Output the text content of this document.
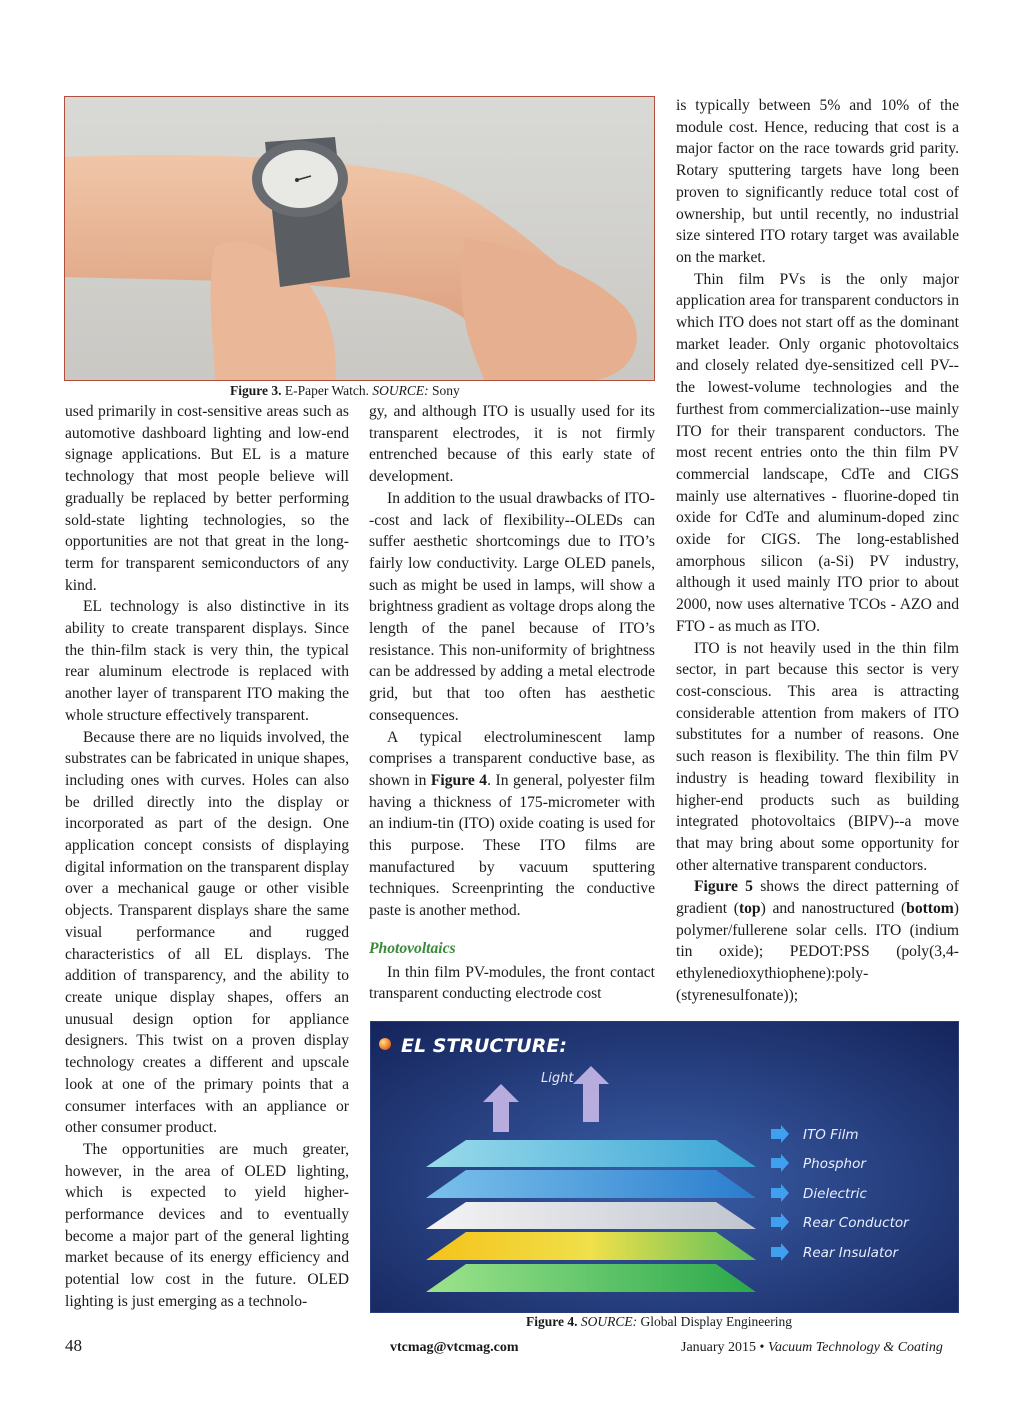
Figure 3. E-Paper Watch. SOURCE: Sony

used primarily in cost-sensitive areas such as automotive dashboard lighting and low-end signage applications. But EL is a mature technology that most people believe will gradually be replaced by better performing sold-state lighting technologies, so the opportunities are not that great in the long-term for transparent semiconductors of any kind.

EL technology is also distinctive in its ability to create transparent displays. Since the thin-film stack is very thin, the typical rear aluminum electrode is replaced with another layer of transparent ITO making the whole structure effectively transparent.

Because there are no liquids involved, the substrates can be fabricated in unique shapes, including ones with curves. Holes can also be drilled directly into the display or incorporated as part of the design. One application concept consists of displaying digital information on the transparent display over a mechanical gauge or other visible objects. Transparent displays share the same visual performance and rugged characteristics of all EL displays. The addition of transparency, and the ability to create unique display shapes, offers an unusual design option for appliance designers. This twist on a proven display technology creates a different and upscale look at one of the primary points that a consumer interfaces with an appliance or other consumer product.

The opportunities are much greater, however, in the area of OLED lighting, which is expected to yield higher-performance devices and to eventually become a major part of the general lighting market because of its energy efficiency and potential low cost in the future. OLED lighting is just emerging as a technolo-

gy, and although ITO is usually used for its transparent electrodes, it is not firmly entrenched because of this early state of development.

In addition to the usual drawbacks of ITO--cost and lack of flexibility--OLEDs can suffer aesthetic shortcomings due to ITO’s fairly low conductivity. Large OLED panels, such as might be used in lamps, will show a brightness gradient as voltage drops along the length of the panel because of ITO’s resistance. This non-uniformity of brightness can be addressed by adding a metal electrode grid, but that too often has aesthetic consequences.

A typical electroluminescent lamp comprises a transparent conductive base, as shown in Figure 4. In general, polyester film having a thickness of 175-micrometer with an indium-tin (ITO) oxide coating is used for this purpose. These ITO films are manufactured by vacuum sputtering techniques. Screenprinting the conductive paste is another method.

Photovoltaics

In thin film PV-modules, the front contact transparent conducting electrode cost

is typically between 5% and 10% of the module cost. Hence, reducing that cost is a major factor on the race towards grid parity. Rotary sputtering targets have long been proven to significantly reduce total cost of ownership, but until recently, no industrial size sintered ITO rotary target was available on the market.

Thin film PVs is the only major application area for transparent conductors in which ITO does not start off as the dominant market leader. Only organic photovoltaics and closely related dye-sensitized cell PV--the lowest-volume technologies and the furthest from commercialization--use mainly ITO for their transparent conductors. The most recent entries onto the thin film PV commercial landscape, CdTe and CIGS mainly use alternatives - fluorine-doped tin oxide for CdTe and aluminum-doped zinc oxide for CIGS. The long-established amorphous silicon (a-Si) PV industry, although it used mainly ITO prior to about 2000, now uses alternative TCOs - AZO and FTO - as much as ITO.

ITO is not heavily used in the thin film sector, in part because this sector is very cost-conscious. This area is attracting considerable attention from makers of ITO substitutes for a number of reasons. One such reason is flexibility. The thin film PV industry is heading toward flexibility in higher-end products such as building integrated photovoltaics (BIPV)--a move that may bring about some opportunity for other alternative transparent conductors.

Figure 5 shows the direct patterning of gradient (top) and nanostructured (bottom) polymer/fullerene solar cells. ITO (indium tin oxide); PEDOT:PSS (poly(3,4-ethylenedioxythiophene):poly-(styrenesulfonate));

EL STRUCTURE:
Light
ITO Film
Phosphor
Dielectric
Rear Conductor
Rear Insulator
Figure 4. SOURCE: Global Display Engineering
48	vtcmag@vtcmag.com	January 2015 • Vacuum Technology & Coating
